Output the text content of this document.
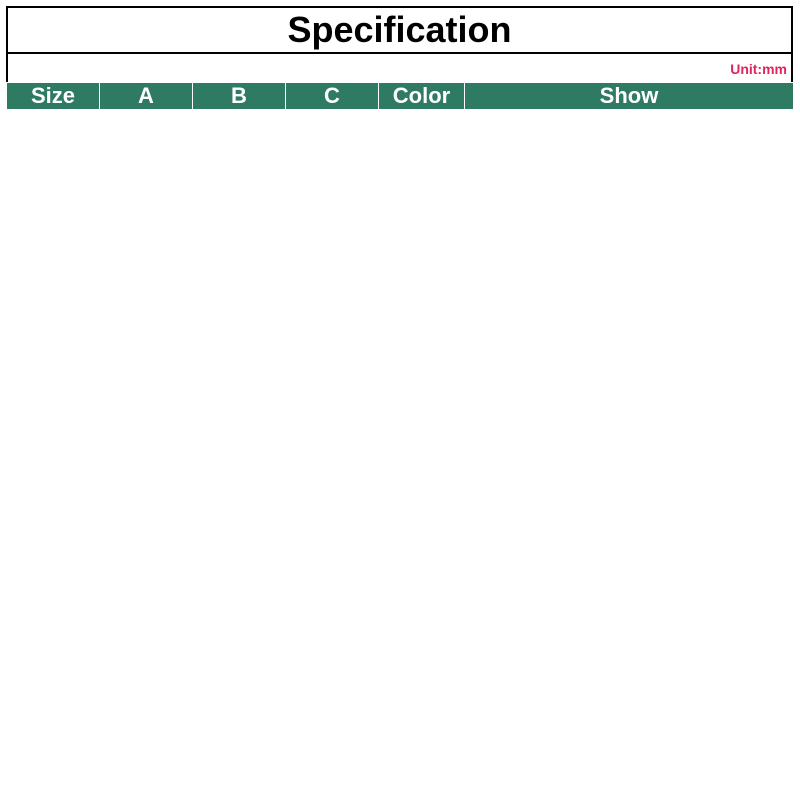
Specification
Unit:mm
Size	A	B	C	Color	Show
